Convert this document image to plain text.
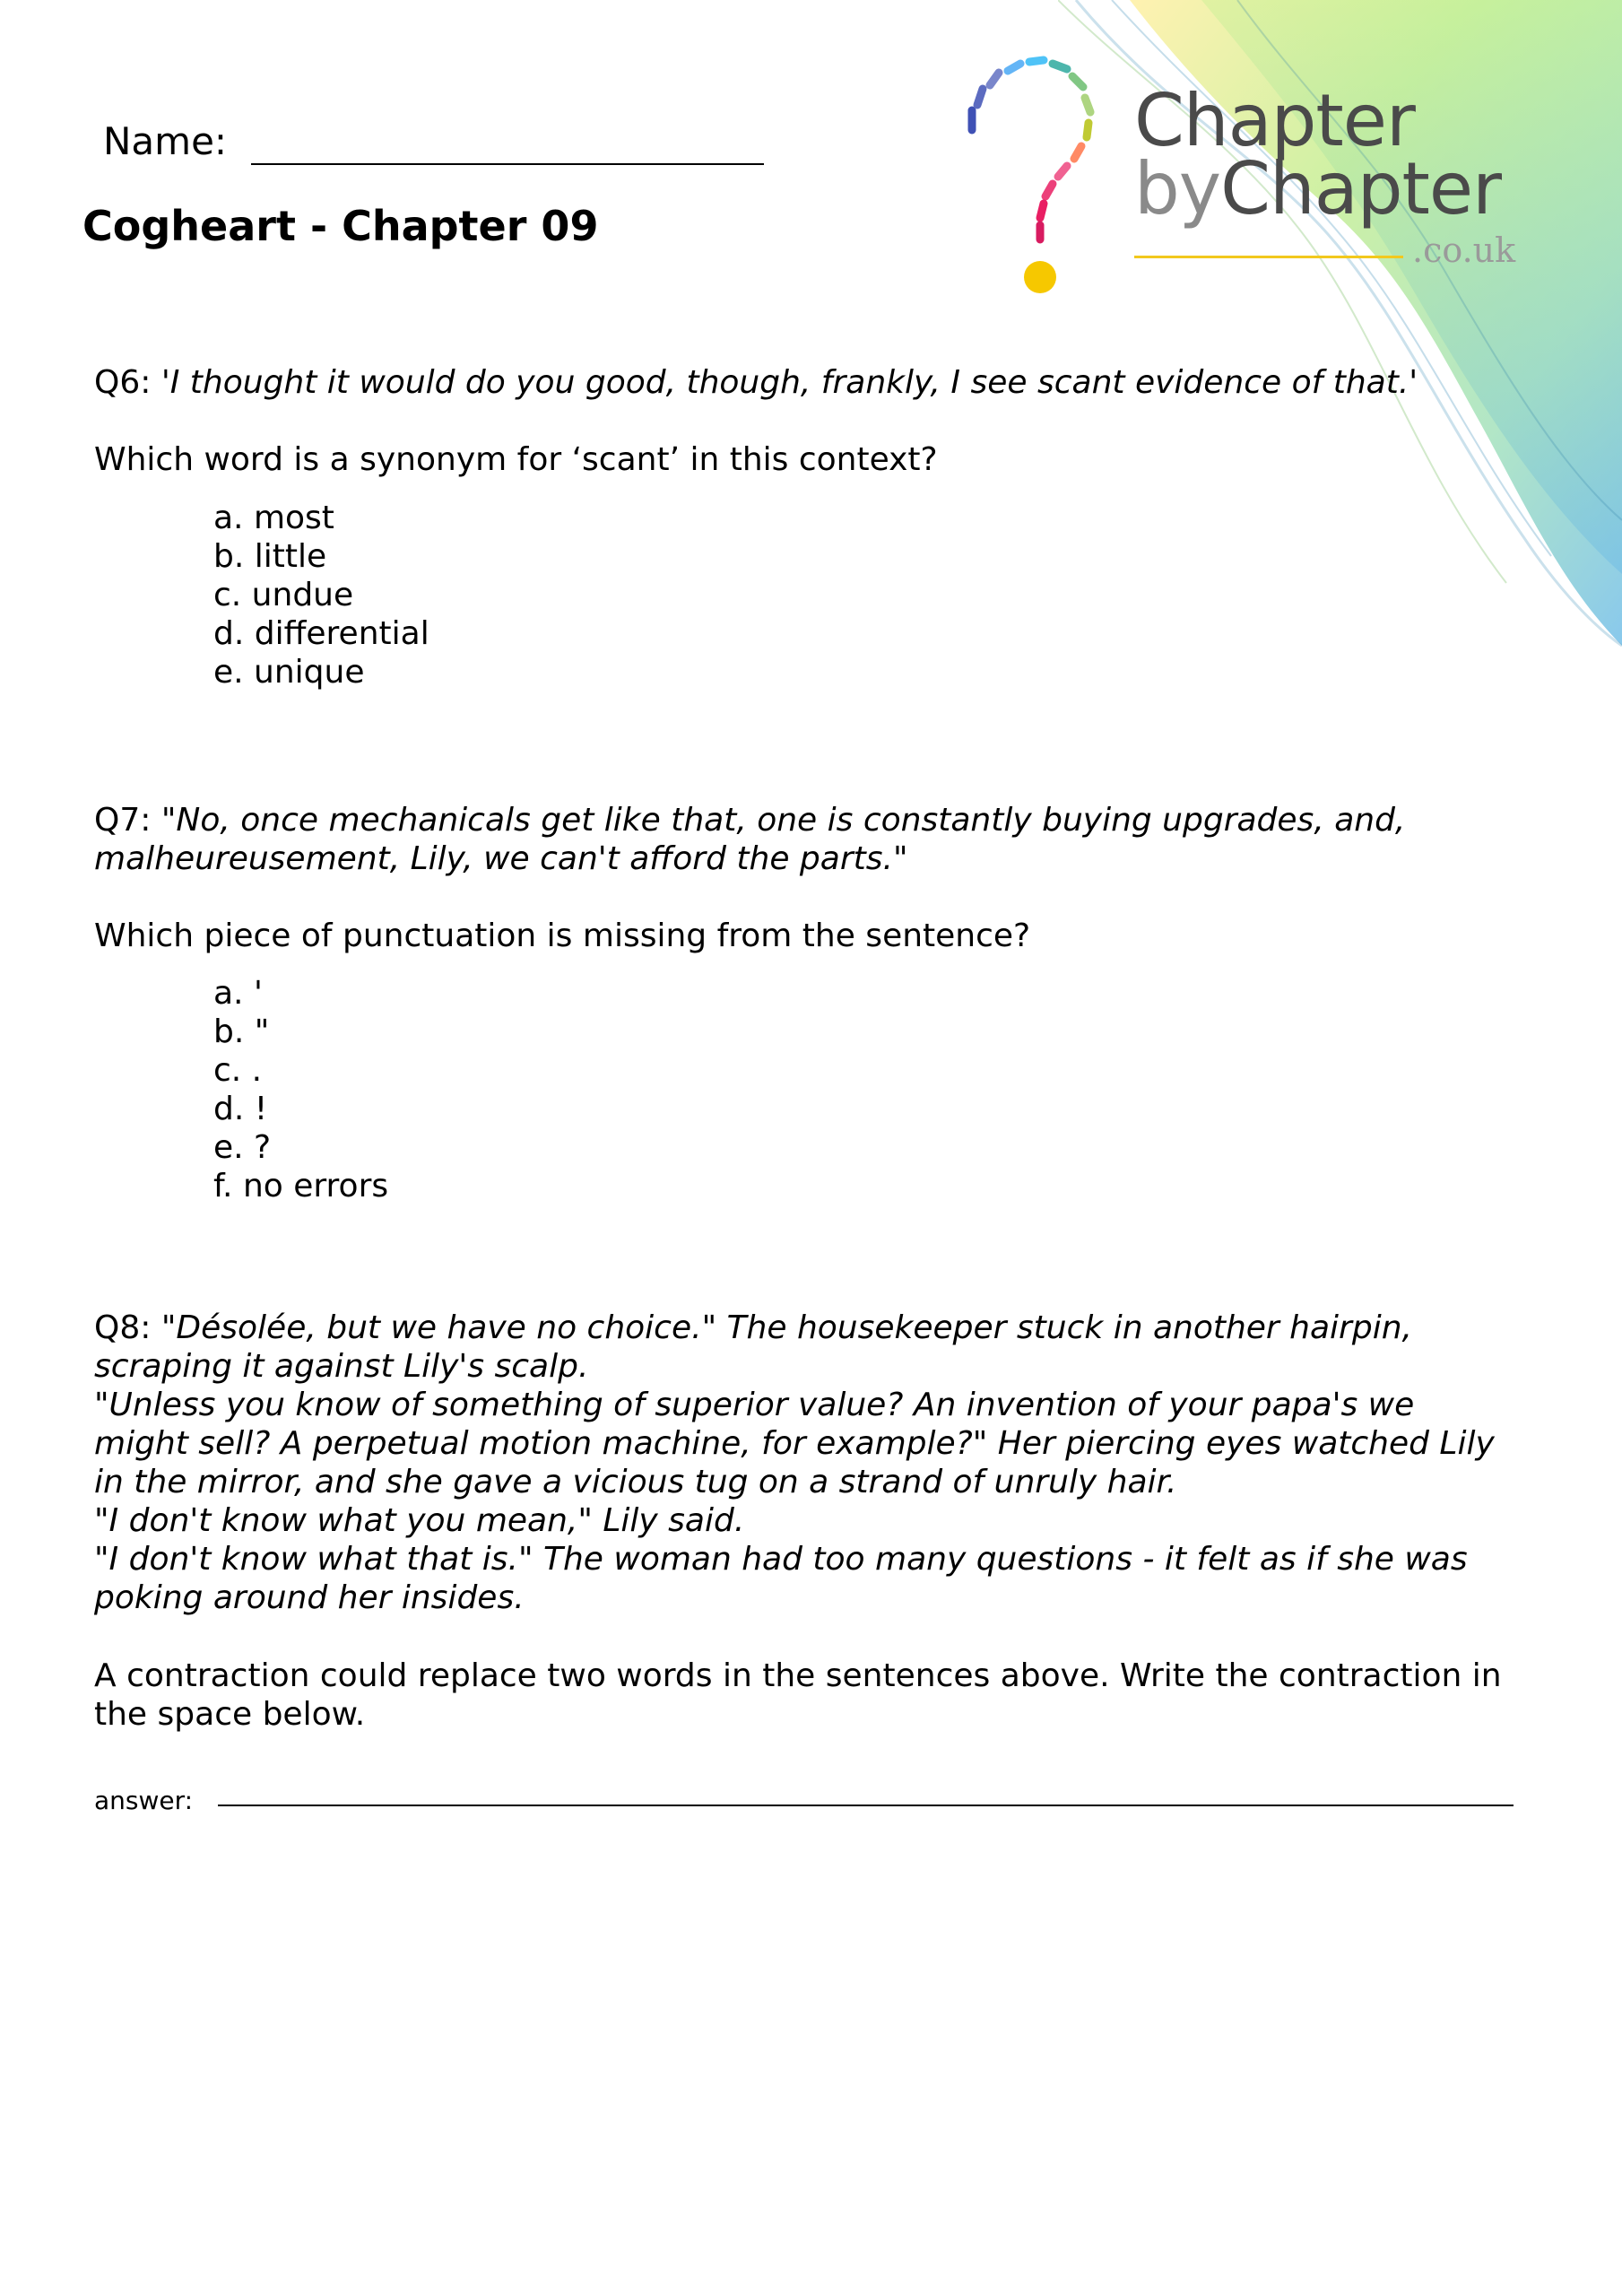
Chapter
byChapter
.co.uk
Name:
Cogheart - Chapter 09

Q6: 'I thought it would do you good, though, frankly, I see scant evidence of that.'

Which word is a synonym for ‘scant’ in this context?

a. most
b. little
c. undue
d. differential
e. unique

Q7: "No, once mechanicals get like that, one is constantly buying upgrades, and,

malheureusement, Lily, we can't afford the parts."

Which piece of punctuation is missing from the sentence?

a. '
b. "
c. .
d. !
e. ?
f. no errors
Q8: "Désolée, but we have no choice." The housekeeper stuck in another hairpin,
scraping it against Lily's scalp.
"Unless you know of something of superior value? An invention of your papa's we
might sell? A perpetual motion machine, for example?" Her piercing eyes watched Lily
in the mirror, and she gave a vicious tug on a strand of unruly hair.
"I don't know what you mean," Lily said.
"I don't know what that is." The woman had too many questions - it felt as if she was
poking around her insides.
A contraction could replace two words in the sentences above. Write the contraction in
the space below.
answer:
